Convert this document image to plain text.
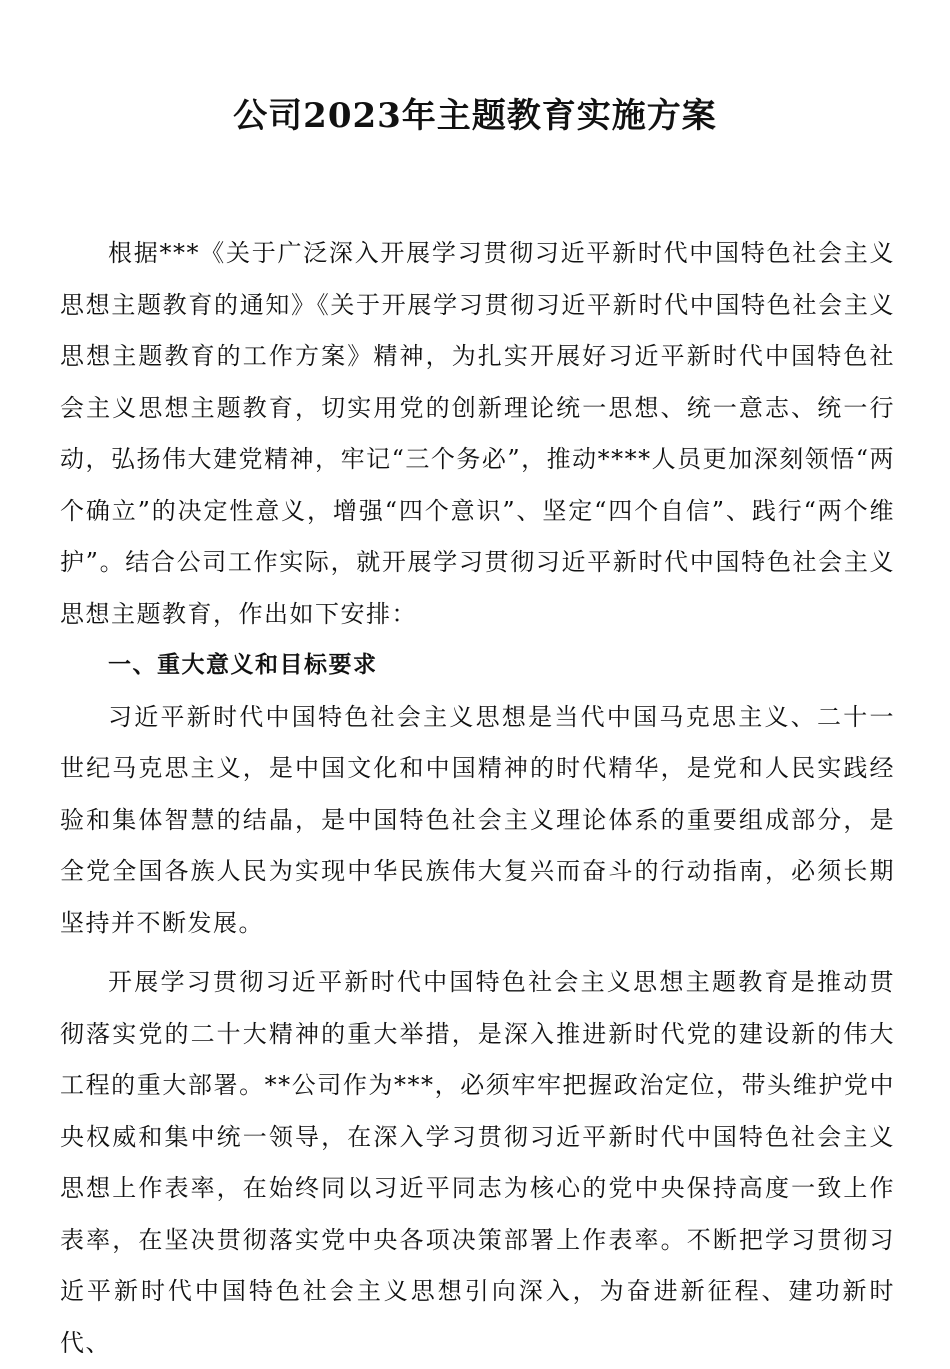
公司2023年主题教育实施方案

根据***《关于广泛深入开展学习贯彻习近平新时代中国特色社会主义思想主题教育的通知》《关于开展学习贯彻习近平新时代中国特色社会主义思想主题教育的工作方案》精神，为扎实开展好习近平新时代中国特色社会主义思想主题教育，切实用党的创新理论统一思想、统一意志、统一行动，弘扬伟大建党精神，牢记“三个务必”，推动****人员更加深刻领悟“两个确立”的决定性意义，增强“四个意识”、坚定“四个自信”、践行“两个维护”。结合公司工作实际，就开展学习贯彻习近平新时代中国特色社会主义思想主题教育，作出如下安排：

一、重大意义和目标要求

习近平新时代中国特色社会主义思想是当代中国马克思主义、二十一世纪马克思主义，是中国文化和中国精神的时代精华，是党和人民实践经验和集体智慧的结晶，是中国特色社会主义理论体系的重要组成部分，是全党全国各族人民为实现中华民族伟大复兴而奋斗的行动指南，必须长期坚持并不断发展。

开展学习贯彻习近平新时代中国特色社会主义思想主题教育是推动贯彻落实党的二十大精神的重大举措，是深入推进新时代党的建设新的伟大工程的重大部署。**公司作为***，必须牢牢把握政治定位，带头维护党中央权威和集中统一领导，在深入学习贯彻习近平新时代中国特色社会主义思想上作表率，在始终同以习近平同志为核心的党中央保持高度一致上作表率，在坚决贯彻落实党中央各项决策部署上作表率。不断把学习贯彻习近平新时代中国特色社会主义思想引向深入，为奋进新征程、建功新时代、
